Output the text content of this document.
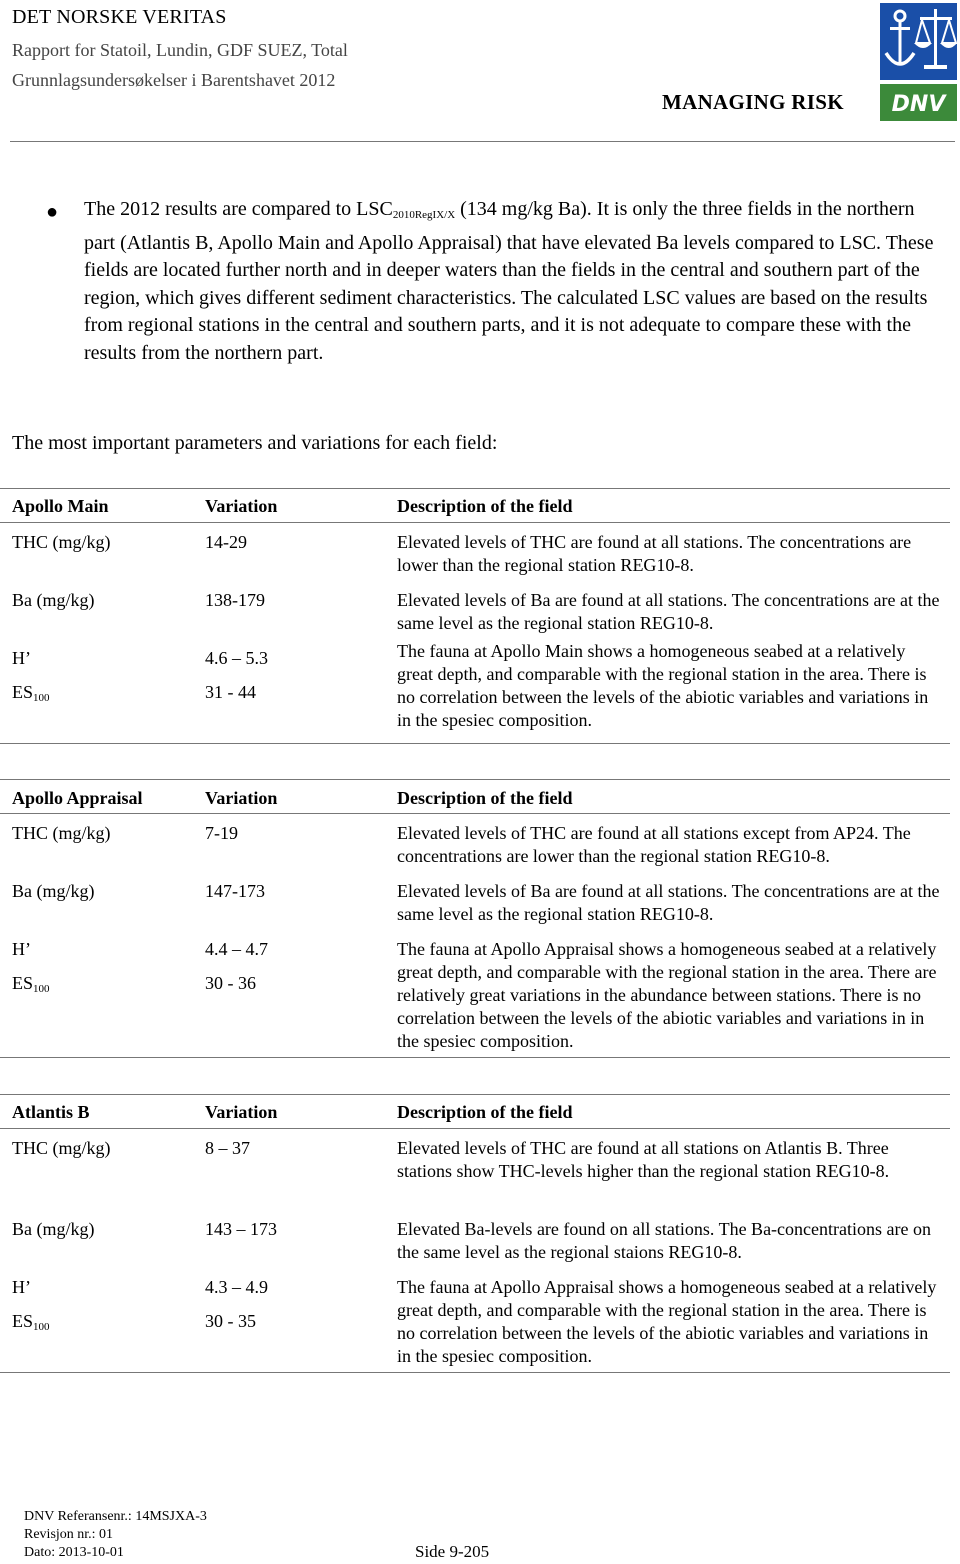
DET NORSKE VERITAS
Rapport for Statoil, Lundin, GDF SUEZ, Total
Grunnlagsundersøkelser i Barentshavet 2012
MANAGING RISK DNV
● The 2012 results are compared to $LSC_{2010RegIX/X}$ (134 mg/kg Ba). It is only the three fields in the northern part (Atlantis B, Apollo Main and Apollo Appraisal) that have elevated Ba levels compared to LSC. These fields are located further north and in deeper waters than the fields in the central and southern part of the region, which gives different sediment characteristics. The calculated LSC values are based on the results from regional stations in the central and southern parts, and it is not adequate to compare these with the results from the northern part.
The most important parameters and variations for each field:
Apollo Main	Variation	Description of the field
THC (mg/kg)	14-29	Elevated levels of THC are found at all stations. The concentrations are lower than the regional station REG10-8.
Ba (mg/kg)	138-179	Elevated levels of Ba are found at all stations. The concentrations are at the same level as the regional station REG10-8.
H’	4.6 – 5.3	The fauna at Apollo Main shows a homogeneous seabed at a relatively great depth, and comparable with the regional station in the area. There is no correlation between the levels of the abiotic variables and variations in in the spesiec composition.
$ES_{100}$	31 - 44
Apollo Appraisal	Variation	Description of the field
THC (mg/kg)	7-19	Elevated levels of THC are found at all stations except from AP24. The concentrations are lower than the regional station REG10-8.
Ba (mg/kg)	147-173	Elevated levels of Ba are found at all stations. The concentrations are at the same level as the regional station REG10-8.
H’	4.4 – 4.7	The fauna at Apollo Appraisal shows a homogeneous seabed at a relatively great depth, and comparable with the regional station in the area. There are relatively great variations in the abundance between stations. There is no correlation between the levels of the abiotic variables and variations in in the spesiec composition.
$ES_{100}$	30 - 36
Atlantis B	Variation	Description of the field
THC (mg/kg)	8 – 37	Elevated levels of THC are found at all stations on Atlantis B. Three stations show THC-levels higher than the regional station REG10-8.
Ba (mg/kg)	143 – 173	Elevated Ba-levels are found on all stations. The Ba-concentrations are on the same level as the regional staions REG10-8.
H’	4.3 – 4.9	The fauna at Apollo Appraisal shows a homogeneous seabed at a relatively great depth, and comparable with the regional station in the area. There is no correlation between the levels of the abiotic variables and variations in in the spesiec composition.
$ES_{100}$	30 - 35
DNV Referansenr.: 14MSJXA-3
Revisjon nr.: 01
Dato: 2013-10-01	Side 9-205
